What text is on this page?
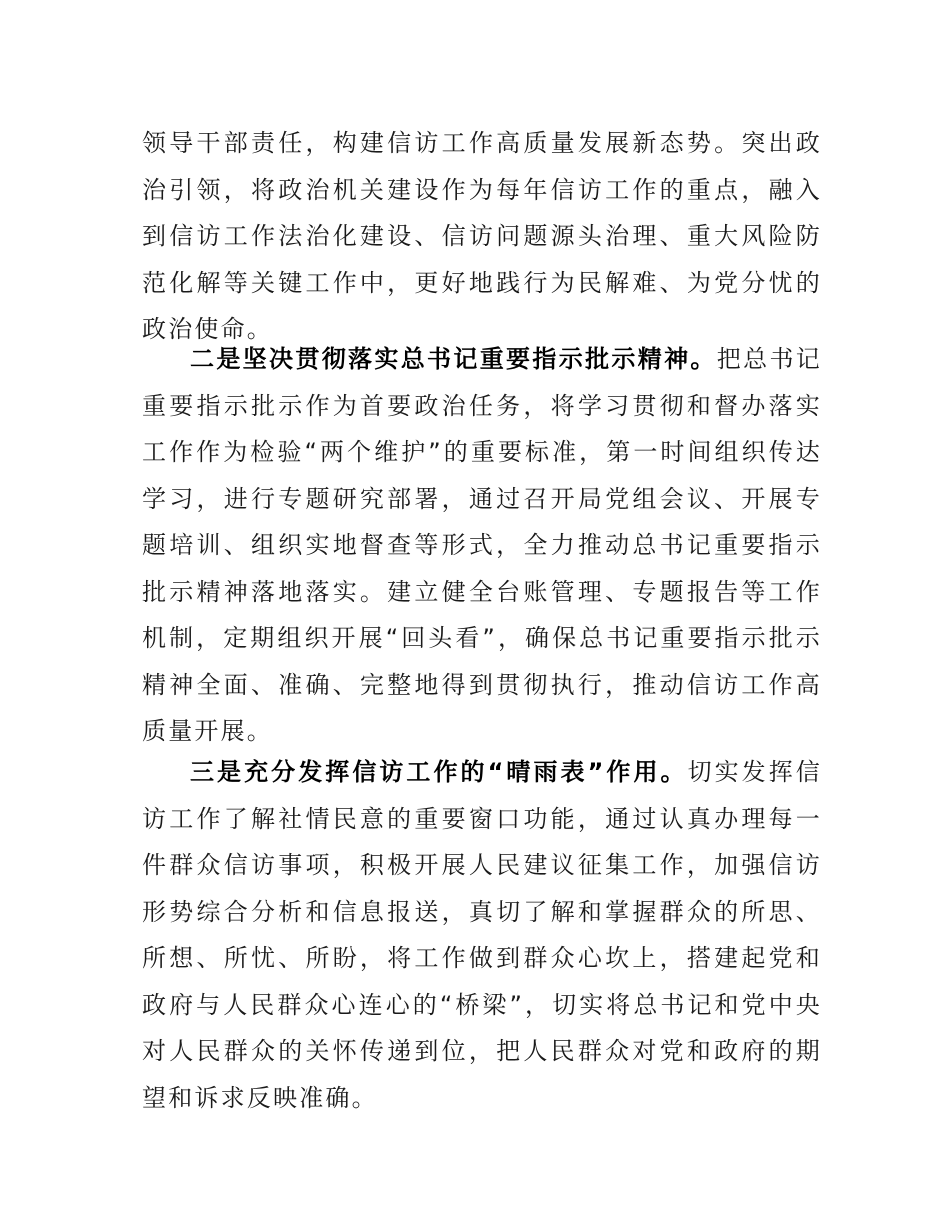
领导干部责任，构建信访工作高质量发展新态势。突出政治引领，将政治机关建设作为每年信访工作的重点，融入到信访工作法治化建设、信访问题源头治理、重大风险防范化解等关键工作中，更好地践行为民解难、为党分忧的政治使命。

二是坚决贯彻落实总书记重要指示批示精神。把总书记重要指示批示作为首要政治任务，将学习贯彻和督办落实工作作为检验“两个维护”的重要标准，第一时间组织传达学习，进行专题研究部署，通过召开局党组会议、开展专题培训、组织实地督查等形式，全力推动总书记重要指示批示精神落地落实。建立健全台账管理、专题报告等工作机制，定期组织开展“回头看”，确保总书记重要指示批示精神全面、准确、完整地得到贯彻执行，推动信访工作高质量开展。

三是充分发挥信访工作的“晴雨表”作用。切实发挥信访工作了解社情民意的重要窗口功能，通过认真办理每一件群众信访事项，积极开展人民建议征集工作，加强信访形势综合分析和信息报送，真切了解和掌握群众的所思、所想、所忧、所盼，将工作做到群众心坎上，搭建起党和政府与人民群众心连心的“桥梁”，切实将总书记和党中央对人民群众的关怀传递到位，把人民群众对党和政府的期望和诉求反映准确。
